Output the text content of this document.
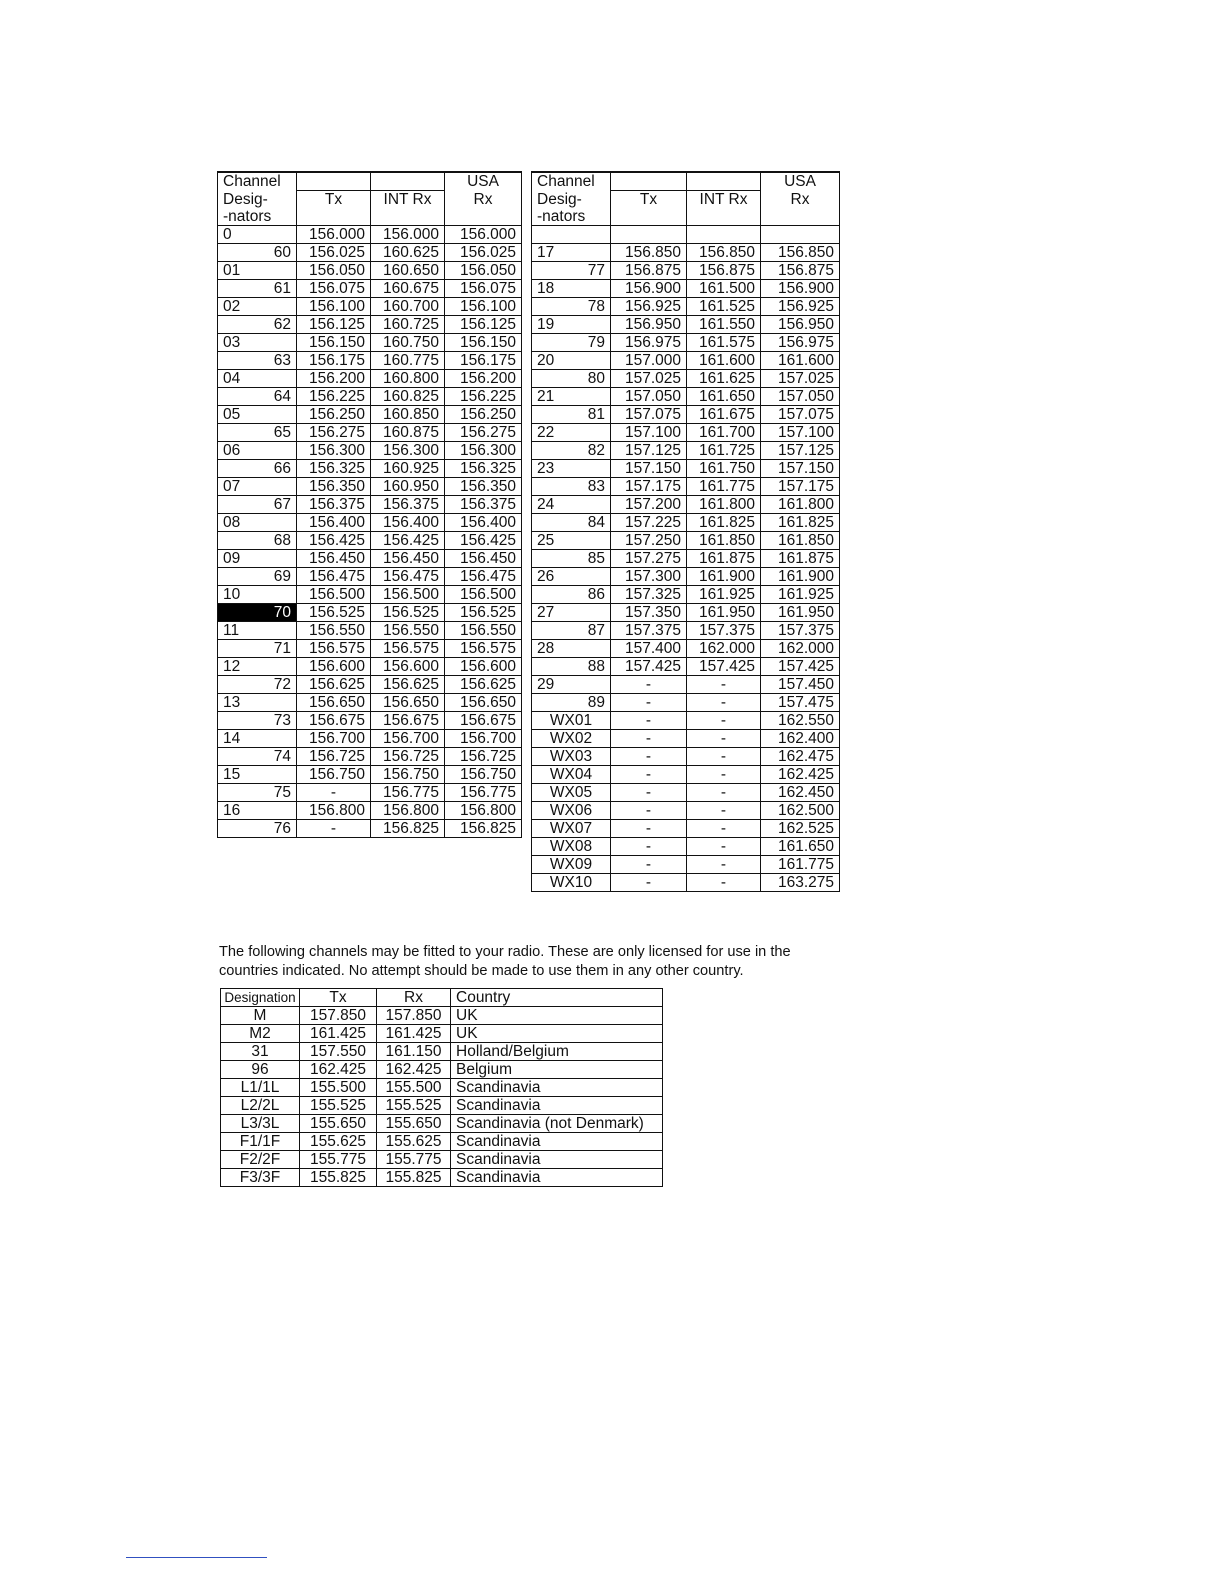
Channel			USA
Desig-	Tx	INT Rx	Rx
-nators			
0	156.000	156.000	156.000
60	156.025	160.625	156.025
01	156.050	160.650	156.050
61	156.075	160.675	156.075
02	156.100	160.700	156.100
62	156.125	160.725	156.125
03	156.150	160.750	156.150
63	156.175	160.775	156.175
04	156.200	160.800	156.200
64	156.225	160.825	156.225
05	156.250	160.850	156.250
65	156.275	160.875	156.275
06	156.300	156.300	156.300
66	156.325	160.925	156.325
07	156.350	160.950	156.350
67	156.375	156.375	156.375
08	156.400	156.400	156.400
68	156.425	156.425	156.425
09	156.450	156.450	156.450
69	156.475	156.475	156.475
10	156.500	156.500	156.500
70	156.525	156.525	156.525
11	156.550	156.550	156.550
71	156.575	156.575	156.575
12	156.600	156.600	156.600
72	156.625	156.625	156.625
13	156.650	156.650	156.650
73	156.675	156.675	156.675
14	156.700	156.700	156.700
74	156.725	156.725	156.725
15	156.750	156.750	156.750
75	-	156.775	156.775
16	156.800	156.800	156.800
76	-	156.825	156.825
Channel			USA
Desig-	Tx	INT Rx	Rx
-nators			

17	156.850	156.850	156.850
77	156.875	156.875	156.875
18	156.900	161.500	156.900
78	156.925	161.525	156.925
19	156.950	161.550	156.950
79	156.975	161.575	156.975
20	157.000	161.600	161.600
80	157.025	161.625	157.025
21	157.050	161.650	157.050
81	157.075	161.675	157.075
22	157.100	161.700	157.100
82	157.125	161.725	157.125
23	157.150	161.750	157.150
83	157.175	161.775	157.175
24	157.200	161.800	161.800
84	157.225	161.825	161.825
25	157.250	161.850	161.850
85	157.275	161.875	161.875
26	157.300	161.900	161.900
86	157.325	161.925	161.925
27	157.350	161.950	161.950
87	157.375	157.375	157.375
28	157.400	162.000	162.000
88	157.425	157.425	157.425
29	-	-	157.450
89	-	-	157.475
WX01	-	-	162.550
WX02	-	-	162.400
WX03	-	-	162.475
WX04	-	-	162.425
WX05	-	-	162.450
WX06	-	-	162.500
WX07	-	-	162.525
WX08	-	-	161.650
WX09	-	-	161.775
WX10	-	-	163.275
The following channels may be fitted to your radio. These are only licensed for use in the
countries indicated. No attempt should be made to use them in any other country.
Designation	Tx	Rx	Country
M	157.850	157.850	UK
M2	161.425	161.425	UK
31	157.550	161.150	Holland/Belgium
96	162.425	162.425	Belgium
L1/1L	155.500	155.500	Scandinavia
L2/2L	155.525	155.525	Scandinavia
L3/3L	155.650	155.650	Scandinavia (not Denmark)
F1/1F	155.625	155.625	Scandinavia
F2/2F	155.775	155.775	Scandinavia
F3/3F	155.825	155.825	Scandinavia
